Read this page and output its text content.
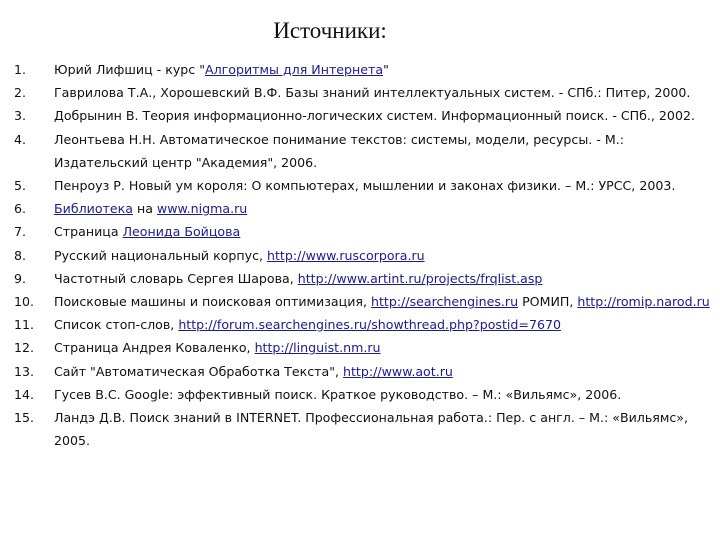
Источники:
1.	Юрий Лифшиц - курс "Алгоритмы для Интернета"
2.	Гаврилова Т.А., Хорошевский В.Ф. Базы знаний интеллектуальных систем. - СПб.: Питер, 2000.
3.	Добрынин В. Теория информационно-логических систем. Информационный поиск. - СПб., 2002.
4.	Леонтьева Н.Н. Автоматическое понимание текстов: системы, модели, ресурсы. - М.: Издательский центр "Академия", 2006.
5.	Пенроуз Р. Новый ум короля: О компьютерах, мышлении и законах физики. – М.: УРСС, 2003.
6.	Библиотека на www.nigma.ru
7.	Страница Леонида Бойцова
8.	Русский национальный корпус, http://www.ruscorpora.ru
9.	Частотный словарь Сергея Шарова, http://www.artint.ru/projects/frqlist.asp
10.	Поисковые машины и поисковая оптимизация, http://searchengines.ru РОМИП, http://romip.narod.ru
11.	Список стоп-слов, http://forum.searchengines.ru/showthread.php?postid=7670
12.	Страница Андрея Коваленко, http://linguist.nm.ru
13.	Сайт "Автоматическая Обработка Текста", http://www.aot.ru
14.	Гусев В.С. Google: эффективный поиск. Краткое руководство. – М.: «Вильямс», 2006.
15.	Ландэ Д.В. Поиск знаний в INTERNET. Профессиональная работа.: Пер. с англ. – М.: «Вильямс», 2005.
